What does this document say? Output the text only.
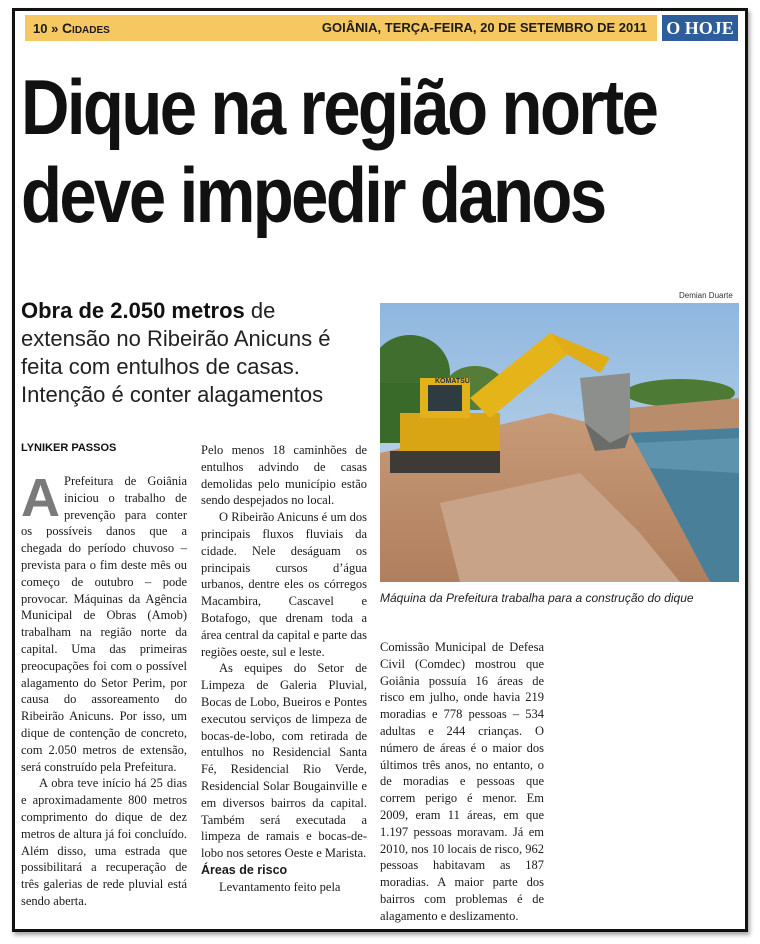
10 » Cidades	GOIÂNIA, TERÇA-FEIRA, 20 DE SETEMBRO DE 2011 O HOJE
Dique na região norte
deve impedir danos

Obra de 2.050 metros de extensão no Ribeirão Anicuns é feita com entulhos de casas. Intenção é conter alagamentos

Demian Duarte
KOMATSU
Máquina da Prefeitura trabalha para a construção do dique
LYNIKER PASSOS

A Prefeitura de Goiânia iniciou o trabalho de prevenção para conter os possíveis danos que a chegada do período chuvoso – prevista para o fim deste mês ou começo de outubro – pode provocar. Máquinas da Agência Municipal de Obras (Amob) trabalham na região norte da capital. Uma das primeiras preocupações foi com o possível alagamento do Setor Perim, por causa do assoreamento do Ribeirão Anicuns. Por isso, um dique de contenção de concreto, com 2.050 metros de extensão, será construído pela Prefeitura.

A obra teve início há 25 dias e aproximadamente 800 metros comprimento do dique de dez metros de altura já foi concluído. Além disso, uma estrada que possibilitará a recuperação de três galerias de rede pluvial está sendo aberta.

Pelo menos 18 caminhões de entulhos advindo de casas demolidas pelo município estão sendo despejados no local.

O Ribeirão Anicuns é um dos principais fluxos fluviais da cidade. Nele deságuam os principais cursos d’água urbanos, dentre eles os córregos Macambira, Cascavel e Botafogo, que drenam toda a área central da capital e parte das regiões oeste, sul e leste.

As equipes do Setor de Limpeza de Galeria Pluvial, Bocas de Lobo, Bueiros e Pontes executou serviços de limpeza de bocas-de-lobo, com retirada de entulhos no Residencial Santa Fé, Residencial Rio Verde, Residencial Solar Bougainville e em diversos bairros da capital. Também será executada a limpeza de ramais e bocas-de-lobo nos setores Oeste e Marista.

Áreas de risco

Levantamento feito pela

Comissão Municipal de Defesa Civil (Comdec) mostrou que Goiânia possuía 16 áreas de risco em julho, onde havia 219 moradias e 778 pessoas – 534 adultas e 244 crianças. O número de áreas é o maior dos últimos três anos, no entanto, o de moradias e pessoas que correm perigo é menor. Em 2009, eram 11 áreas, em que 1.197 pessoas moravam. Já em 2010, nos 10 locais de risco, 962 pessoas habitavam as 187 moradias. A maior parte dos bairros com problemas é de alagamento e deslizamento.
